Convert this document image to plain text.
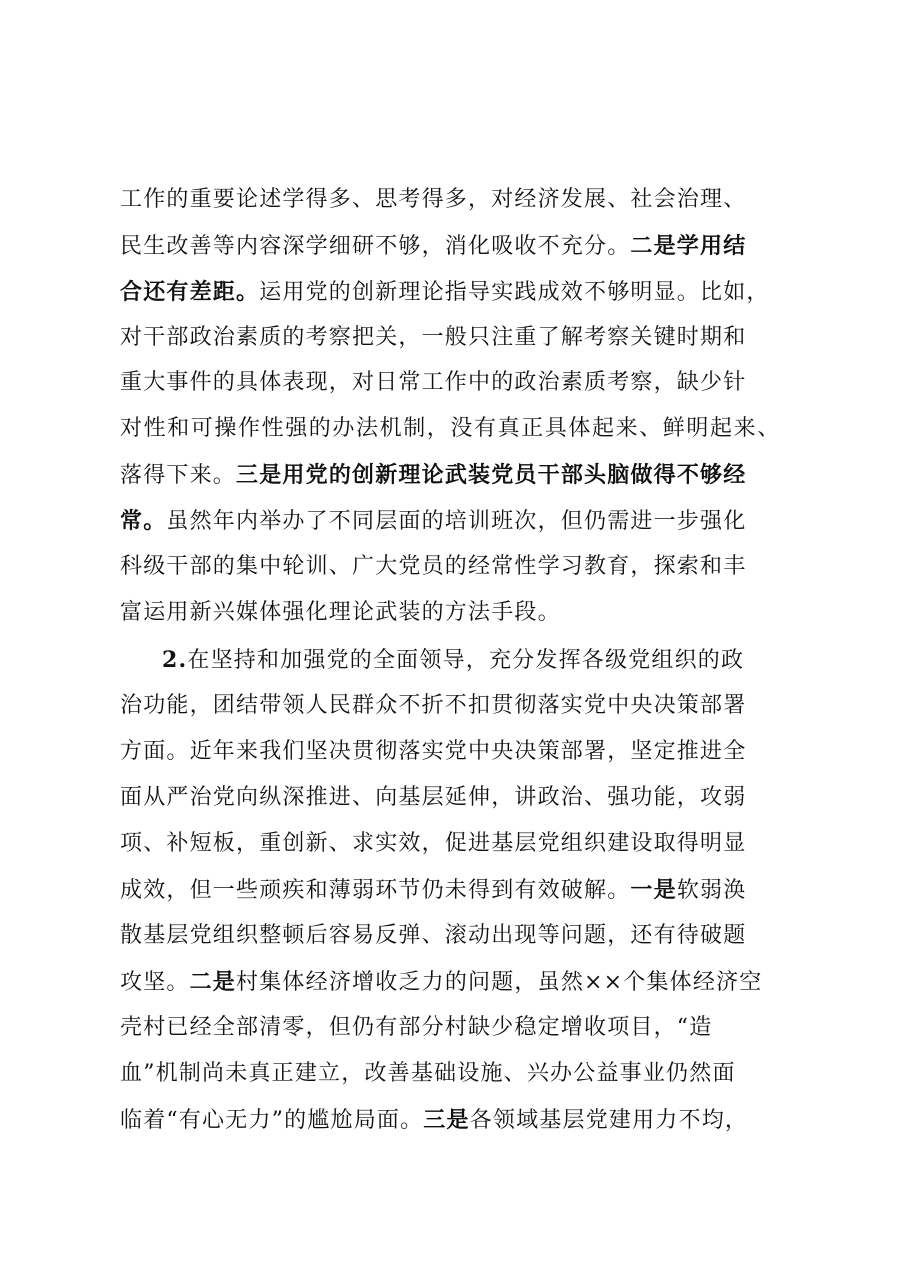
工作的重要论述学得多、思考得多，对经济发展、社会治理、
民生改善等内容深学细研不够，消化吸收不充分。二是学用结
合还有差距。运用党的创新理论指导实践成效不够明显。比如，
对干部政治素质的考察把关，一般只注重了解考察关键时期和
重大事件的具体表现，对日常工作中的政治素质考察，缺少针
对性和可操作性强的办法机制，没有真正具体起来、鲜明起来、
落得下来。三是用党的创新理论武装党员干部头脑做得不够经
常。虽然年内举办了不同层面的培训班次，但仍需进一步强化
科级干部的集中轮训、广大党员的经常性学习教育，探索和丰
富运用新兴媒体强化理论武装的方法手段。
2.在坚持和加强党的全面领导，充分发挥各级党组织的政
治功能，团结带领人民群众不折不扣贯彻落实党中央决策部署
方面。近年来我们坚决贯彻落实党中央决策部署，坚定推进全
面从严治党向纵深推进、向基层延伸，讲政治、强功能，攻弱
项、补短板，重创新、求实效，促进基层党组织建设取得明显
成效，但一些顽疾和薄弱环节仍未得到有效破解。一是软弱涣
散基层党组织整顿后容易反弹、滚动出现等问题，还有待破题
攻坚。二是村集体经济增收乏力的问题，虽然××个集体经济空
壳村已经全部清零，但仍有部分村缺少稳定增收项目，“造
血”机制尚未真正建立，改善基础设施、兴办公益事业仍然面
临着“有心无力”的尴尬局面。三是各领域基层党建用力不均，
